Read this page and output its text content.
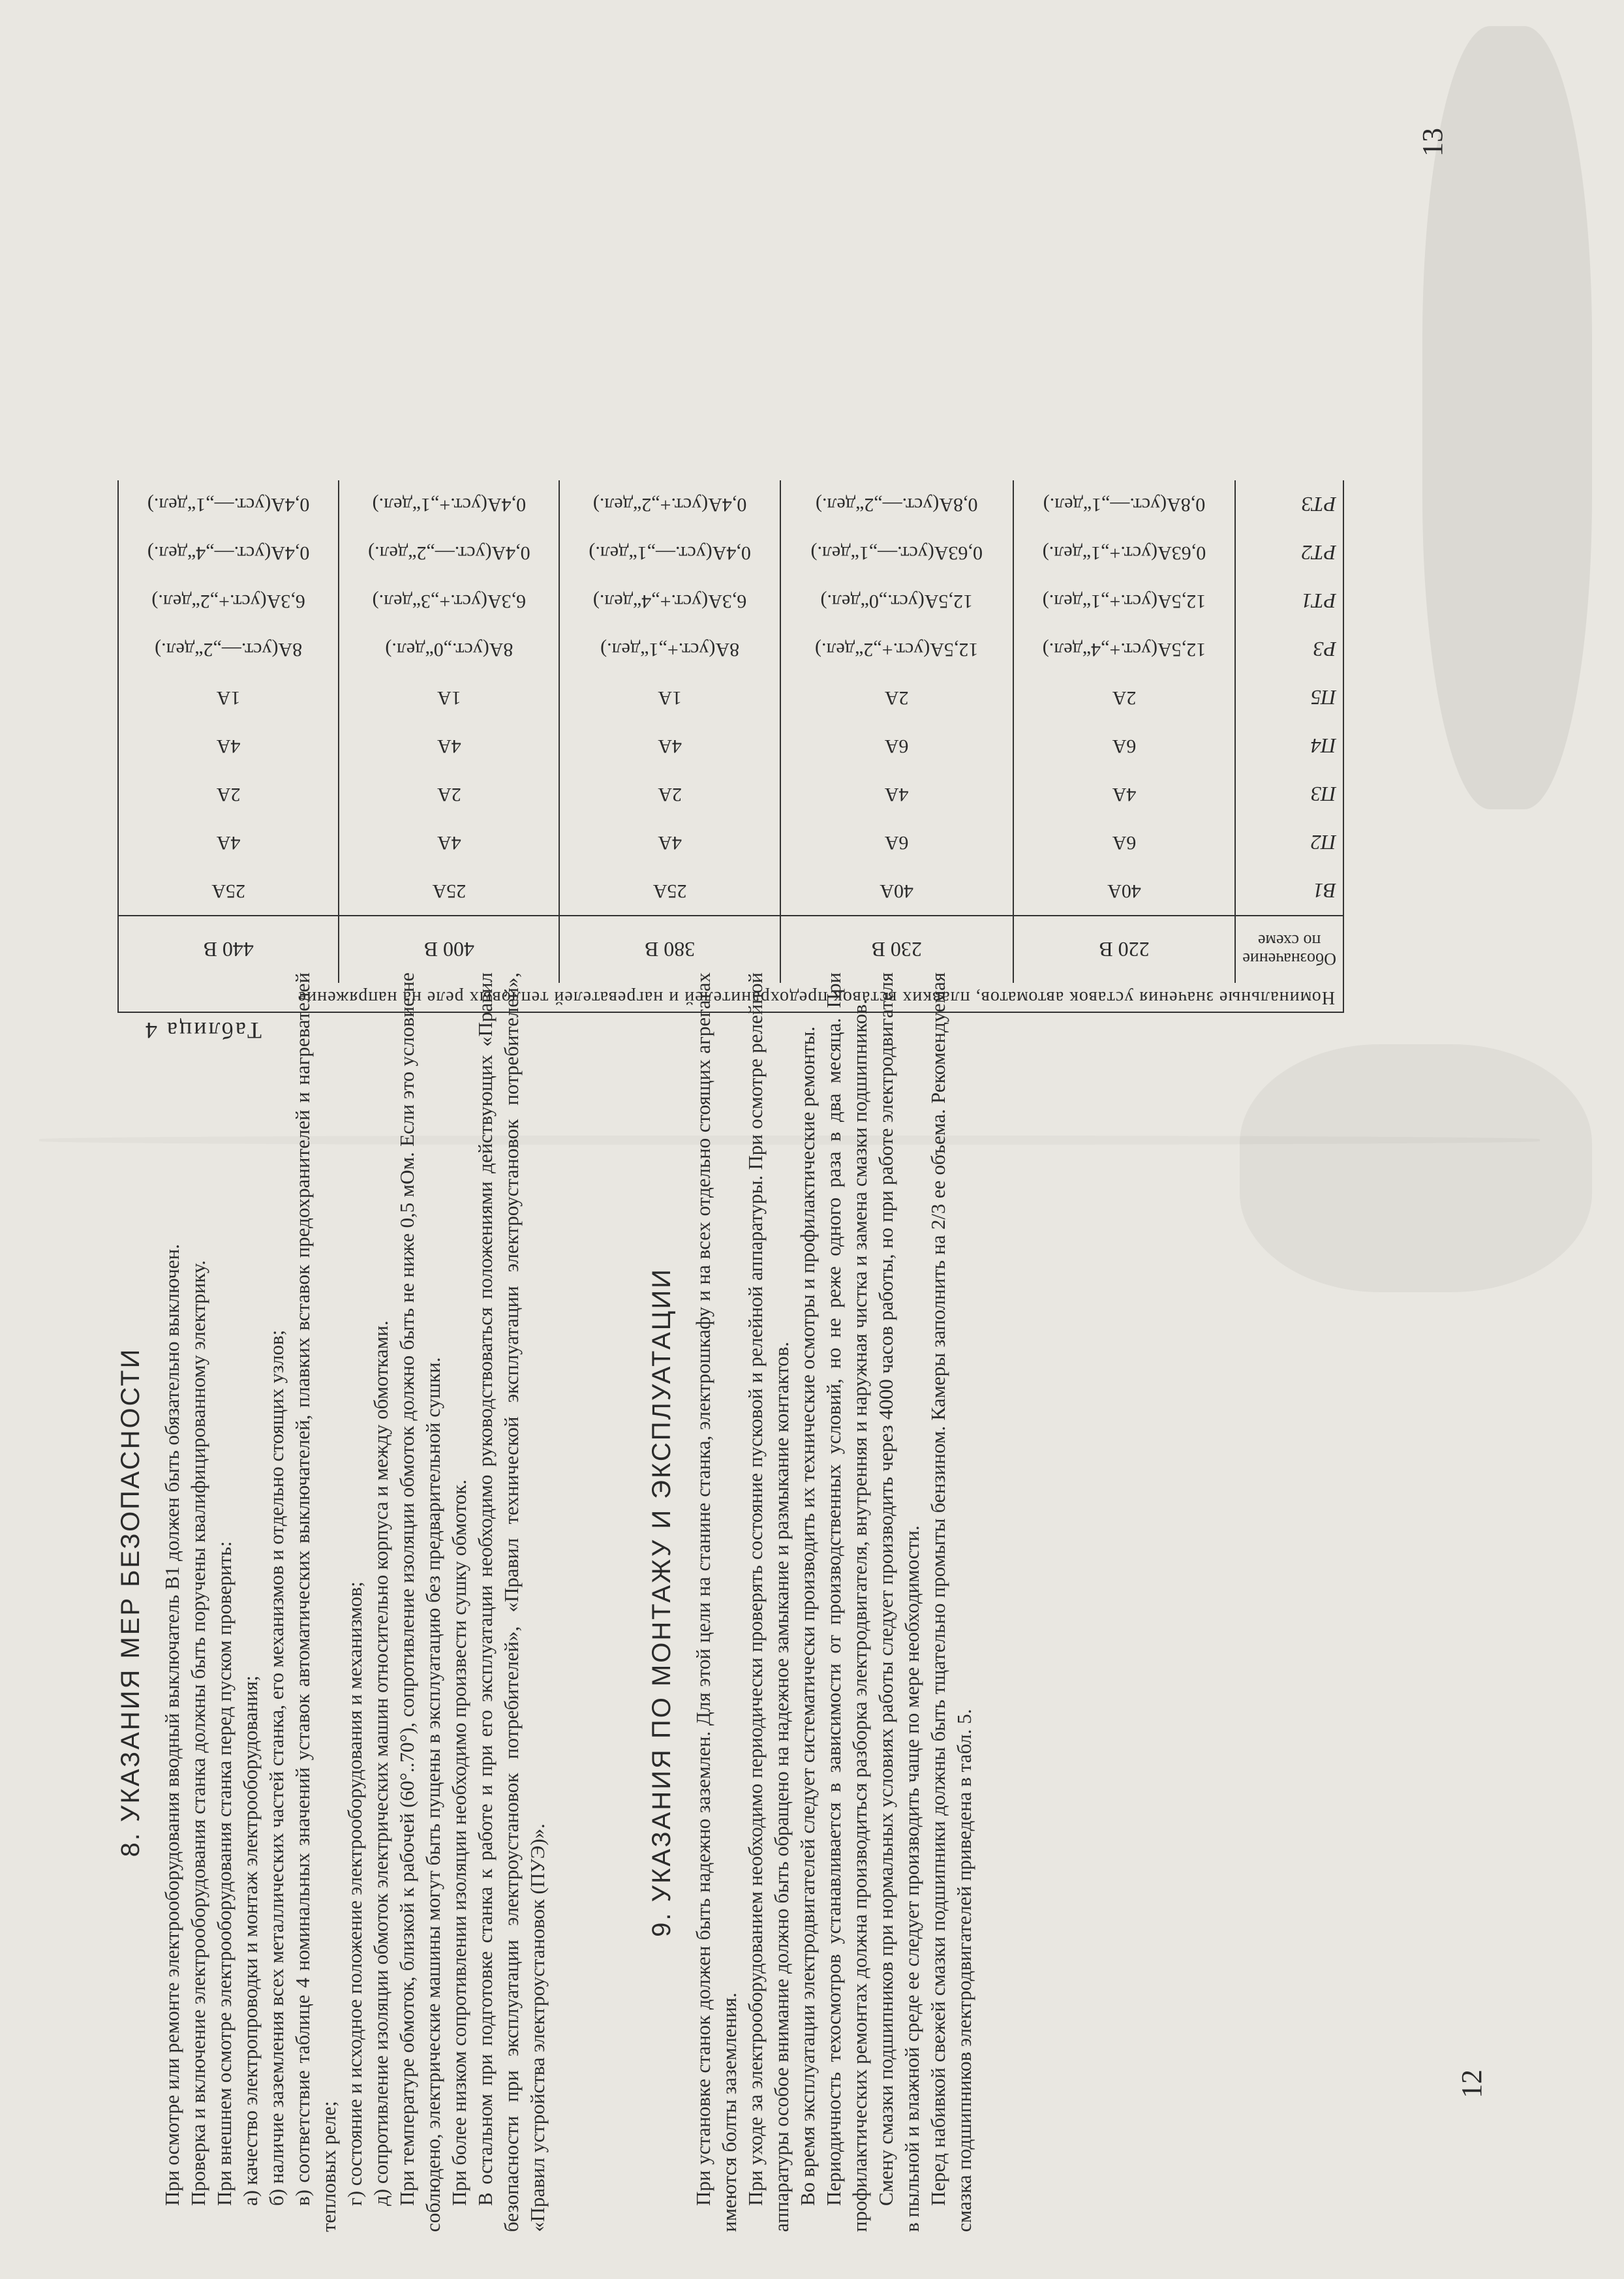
12
13
8. УКАЗАНИЯ МЕР БЕЗОПАСНОСТИ При осмотре или ремонте электрооборудования вводный выключатель В1 должен быть обязательно выключен. Проверка и включение электрооборудования станка должны быть поручены квалифицированному электрику. При внешнем осмотре электрооборудования станка перед пуском проверить: а) качество электропроводки и монтаж электрооборудования; б) наличие заземления всех металлических частей станка, его механизмов и отдельно стоящих узлов; в) соответствие таблице 4 номинальных значений уставок автоматических выключателей, плавких вставок предохранителей и нагревателей тепловых реле; г) состояние и исходное положение электрооборудования и механизмов; д) сопротивление изоляции обмоток электрических машин относительно корпуса и между обмотками. При температуре обмоток, близкой к рабочей (60°..70°), сопротивление изоляции обмоток должно быть не ниже 0,5 мОм. Если это условие не соблюдено, электрические машины могут быть пущены в эксплуатацию без предварительной сушки. При более низком сопротивлении изоляции необходимо произвести сушку обмоток. В остальном при подготовке станка к работе и при его эксплуатации необходимо руководствоваться положениями действующих «Правил безопасности при эксплуатации электроустановок потребителей», «Правил технической эксплуатации электроустановок потребителей», «Правил устройства электроустановок (ПУЭ)».

9. УКАЗАНИЯ ПО МОНТАЖУ И ЭКСПЛУАТАЦИИ При установке станок должен быть надежно заземлен. Для этой цели на станине станка, электрошкафу и на всех отдельно стоящих агрегатах имеются болты заземления. При уходе за электрооборудованием необходимо периодически проверять состояние пусковой и релейной аппаратуры. При осмотре релейной аппаратуры особое внимание должно быть обращено на надежное замыкание и размыкание контактов. Во время эксплуатации электродвигателей следует систематически производить их технические осмотры и профилактические ремонты. Периодичность техосмотров устанавливается в зависимости от производственных условий, но не реже одного раза в два месяца. При профилактических ремонтах должна производиться разборка электродвигателя, внутренняя и наружная чистка и замена смазки подшипников. Смену смазки подшипников при нормальных условиях работы следует производить через 4000 часов работы, но при работе электродвигателя в пыльной и влажной среде ее следует производить чаще по мере необходимости. Перед набивкой свежей смазки подшипники должны быть тщательно промыты бензином. Камеры заполнить на 2/3 ее объема. Рекомендуемая смазка подшипников электродвигателей приведена в табл. 5.

Таблица 4
Номинальные значения уставок автоматов, плавких вставок предохранителей и нагревателей тепловых реле на напряжение
Обозначение по схеме	220 В	230 В	380 В	400 В	440 В
В1	40А	40А	25А	25А	25А
П2	6А	6А	4А	4А	4А
П3	4А	4А	2А	2А	2А
П4	6А	6А	4А	4А	4А
П5	2А	2А	1А	1А	1А
Р3	12,5А(уст.+„4“дел.)	12,5А(уст.+„2“дел.)	8А(уст.+„1“дел.)	8А(уст.„0“дел.)	8А(уст.—„2“дел.)
РТ1	12,5А(уст.+„1“дел.)	12,5А(уст.„0“дел.)	6,3А(уст.+„4“дел.)	6,3А(уст.+„3“дел.)	6,3А(уст.+„2“дел.)
РТ2	0,63А(уст.+„1“дел.)	0,63А(уст.—„1“дел.)	0,4А(уст.—„1“дел.)	0,4А(уст.—„2“дел.)	0,4А(уст.—„4“дел.)
РТ3	0,8А(уст.—„1“дел.)	0,8А(уст.—„2“дел.)	0,4А(уст.+„2“дел.)	0,4А(уст.+„1“дел.)	0,4А(уст.—„1“дел.)
